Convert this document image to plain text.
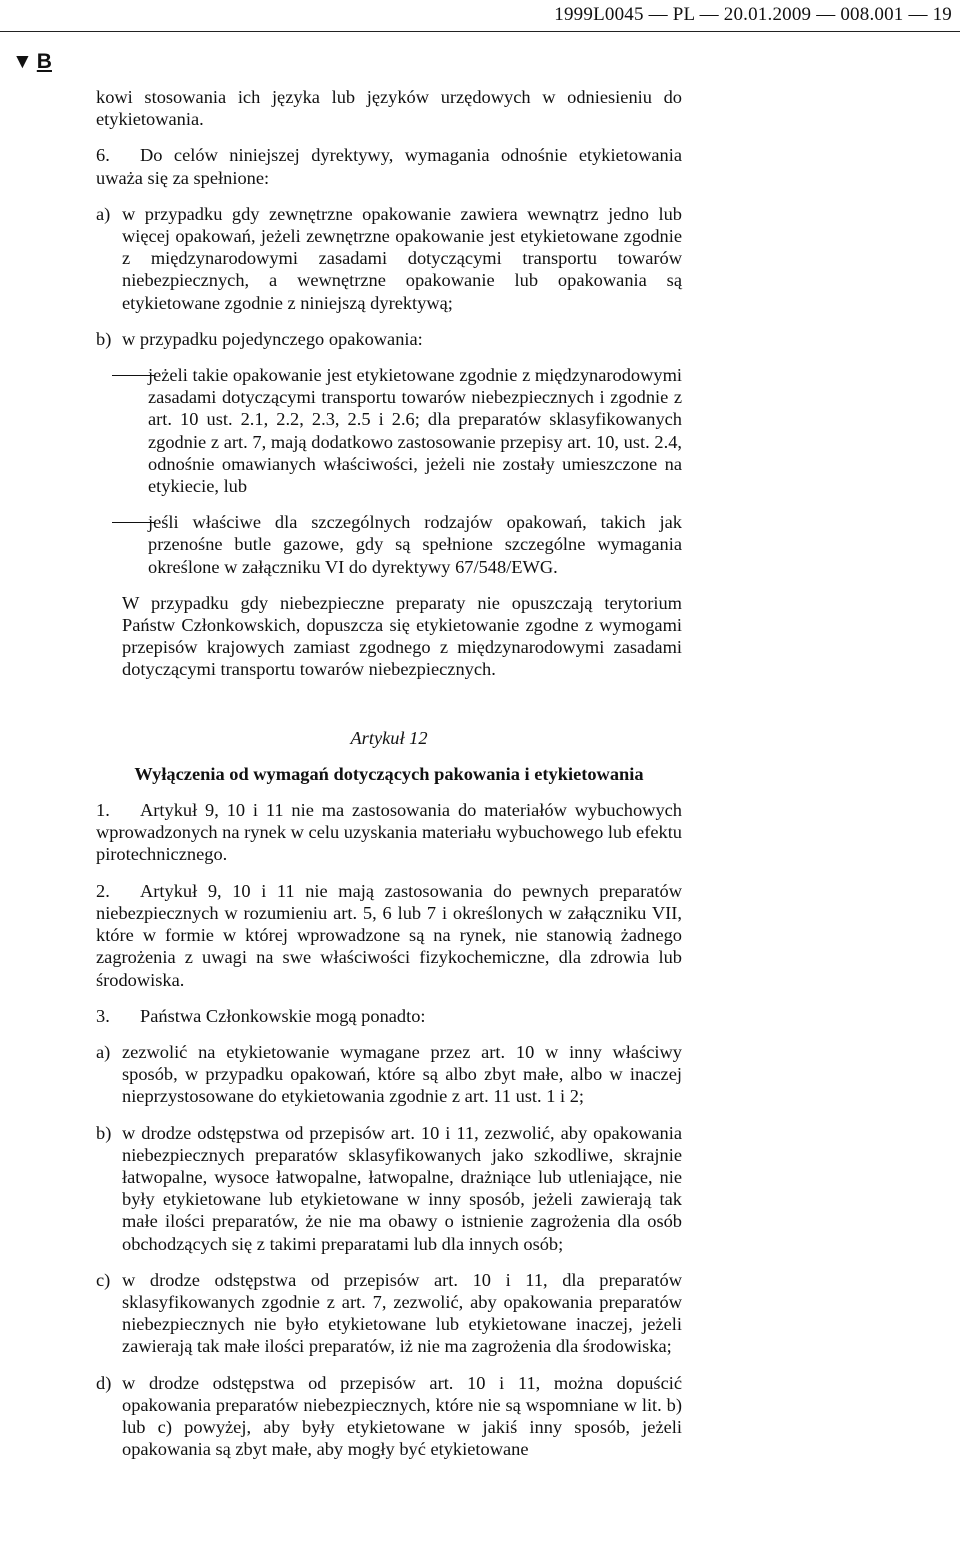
1999L0045 — PL — 20.01.2009 — 008.001 — 19
▼ B

kowi stosowania ich języka lub języków urzędowych w odniesieniu do etykietowania.

6. Do celów niniejszej dyrektywy, wymagania odnośnie etykietowania uważa się za spełnione:

a) w przypadku gdy zewnętrzne opakowanie zawiera wewnątrz jedno lub więcej opakowań, jeżeli zewnętrzne opakowanie jest etykietowane zgodnie z międzynarodowymi zasadami dotyczącymi transportu towarów niebezpiecznych, a wewnętrzne opakowanie lub opakowania są etykietowane zgodnie z niniejszą dyrektywą;
b) w przypadku pojedynczego opakowania:
jeżeli takie opakowanie jest etykietowane zgodnie z międzynarodowymi zasadami dotyczącymi transportu towarów niebezpiecznych i zgodnie z art. 10 ust. 2.1, 2.2, 2.3, 2.5 i 2.6; dla preparatów sklasyfikowanych zgodnie z art. 7, mają dodatkowo zastosowanie przepisy art. 10, ust. 2.4, odnośnie omawianych właściwości, jeżeli nie zostały umieszczone na etykiecie, lub
jeśli właściwe dla szczególnych rodzajów opakowań, takich jak przenośne butle gazowe, gdy są spełnione szczególne wymagania określone w załączniku VI do dyrektywy 67/548/EWG.

W przypadku gdy niebezpieczne preparaty nie opuszczają terytorium Państw Członkowskich, dopuszcza się etykietowanie zgodne z wymogami przepisów krajowych zamiast zgodnego z międzynarodowymi zasadami dotyczącymi transportu towarów niebezpiecznych.

Artykuł 12
Wyłączenia od wymagań dotyczących pakowania i etykietowania

1. Artykuł 9, 10 i 11 nie ma zastosowania do materiałów wybuchowych wprowadzonych na rynek w celu uzyskania materiału wybuchowego lub efektu pirotechnicznego.

2. Artykuł 9, 10 i 11 nie mają zastosowania do pewnych preparatów niebezpiecznych w rozumieniu art. 5, 6 lub 7 i określonych w załączniku VII, które w formie w której wprowadzone są na rynek, nie stanowią żadnego zagrożenia z uwagi na swe właściwości fizykochemiczne, dla zdrowia lub środowiska.

3. Państwa Członkowskie mogą ponadto:

a) zezwolić na etykietowanie wymagane przez art. 10 w inny właściwy sposób, w przypadku opakowań, które są albo zbyt małe, albo w inaczej nieprzystosowane do etykietowania zgodnie z art. 11 ust. 1 i 2;
b) w drodze odstępstwa od przepisów art. 10 i 11, zezwolić, aby opakowania niebezpiecznych preparatów sklasyfikowanych jako szkodliwe, skrajnie łatwopalne, wysoce łatwopalne, łatwopalne, drażniące lub utleniające, nie były etykietowane lub etykietowane w inny sposób, jeżeli zawierają tak małe ilości preparatów, że nie ma obawy o istnienie zagrożenia dla osób obchodzących się z takimi preparatami lub dla innych osób;
c) w drodze odstępstwa od przepisów art. 10 i 11, dla preparatów sklasyfikowanych zgodnie z art. 7, zezwolić, aby opakowania preparatów niebezpiecznych nie było etykietowane lub etykietowane inaczej, jeżeli zawierają tak małe ilości preparatów, iż nie ma zagrożenia dla środowiska;
d) w drodze odstępstwa od przepisów art. 10 i 11, można dopuścić opakowania preparatów niebezpiecznych, które nie są wspomniane w lit. b) lub c) powyżej, aby były etykietowane w jakiś inny sposób, jeżeli opakowania są zbyt małe, aby mogły być etykietowane
